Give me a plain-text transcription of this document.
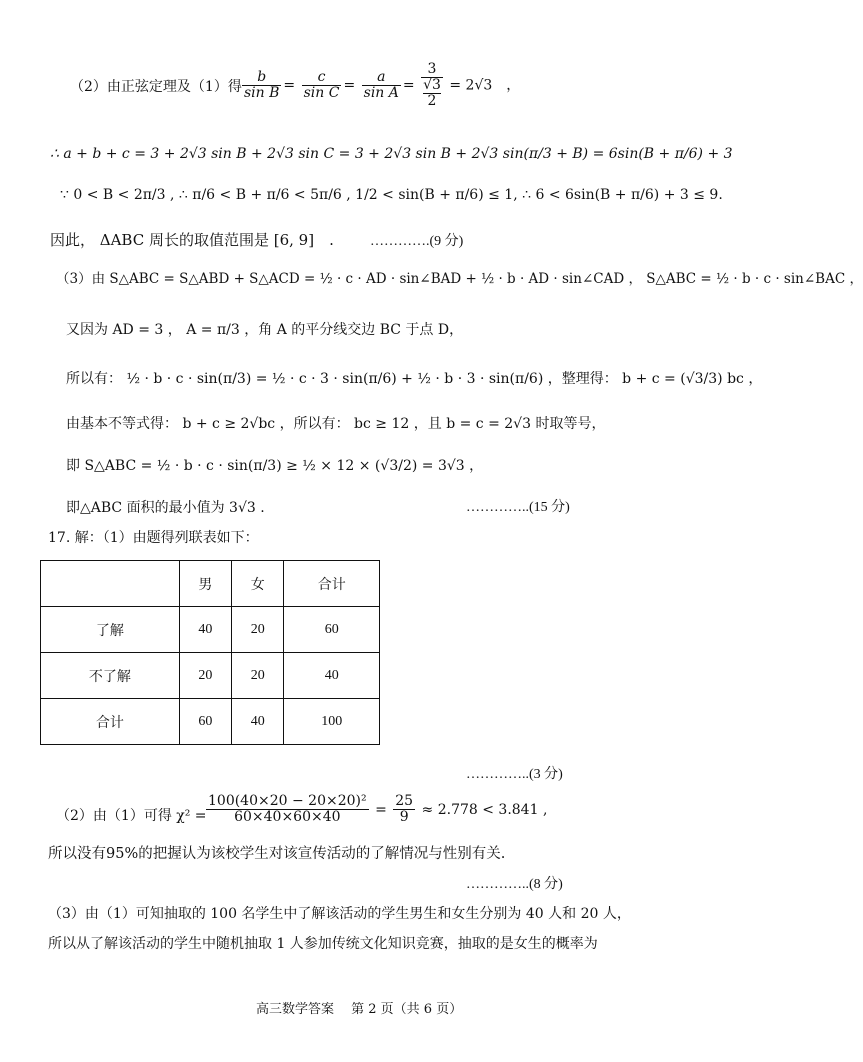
（2）由正弦定理及（1）得 $\frac{b}{\text{sin B}} = \frac{c}{\text{sin C}} = \frac{a}{\text{sin A}} = \frac{3}{\frac{√3}{2}} = 2√3$　，
∴ a + b + c = 3 + 2√3 sin B + 2√3 sin C = 3 + 2√3 sin B + 2√3 sin(π/3 + B) = 6sin(B + π/6) + 3
∵ 0 < B < 2π/3 , ∴ π/6 < B + π/6 < 5π/6 , 1/2 < sin(B + π/6) ≤ 1, ∴ 6 < 6sin(B + π/6) + 3 ≤ 9.
因此， ΔABC 周长的取值范围是 [6, 9]　.	………….(9 分)
（3）由 S△ABC = S△ABD + S△ACD = ½ · c · AD · sin∠BAD + ½ · b · AD · sin∠CAD ， S△ABC = ½ · b · c · sin∠BAC ，
又因为 AD = 3 ， A = π/3 ，角 A 的平分线交边 BC 于点 D，
所以有： ½ · b · c · sin(π/3) = ½ · c · 3 · sin(π/6) + ½ · b · 3 · sin(π/6) ，整理得： b + c = (√3/3) bc ，
由基本不等式得： b + c ≥ 2√bc ，所以有： bc ≥ 12 ，且 b = c = 2√3 时取等号，
即 S△ABC = ½ · b · c · sin(π/3) ≥ ½ × 12 × (√3/2) = 3√3 ，
即△ABC 面积的最小值为 3√3 .	…………..(15 分)
17. 解：（1）由题得列联表如下：
	男	女	合计
了解	40	20	60
不了解	20	20	40
合计	60	40	100
…………..(3 分)
（2）由（1）可得 $\chi^2 = \frac{\text{100(40×20 − 20×20)²}}{60\times 40\times 60\times 40} = \frac{25}{9} \approx 2.778 < 3.841$ ,
所以没有95%的把握认为该校学生对该宣传活动的了解情况与性别有关.
…………..(8 分)
（3）由（1）可知抽取的 100 名学生中了解该活动的学生男生和女生分别为 40 人和 20 人，
所以从了解该活动的学生中随机抽取 1 人参加传统文化知识竞赛，抽取的是女生的概率为
高三数学答案　 第 2 页（共 6 页）
